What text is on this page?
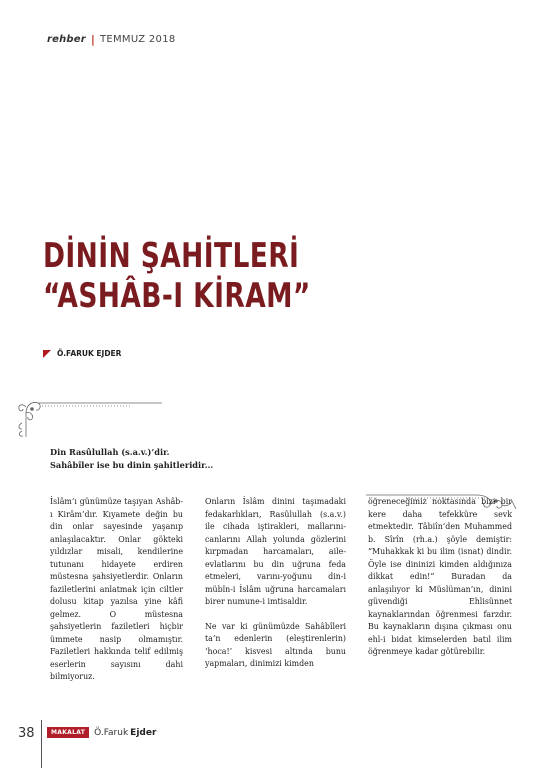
rehber | TEMMUZ 2018
DİNİN ŞAHİTLERİ
“ASHÂB-I KİRAM”
Ö.FARUK EJDER
Din Rasûlullah (s.a.v.)’dir.
Sahâbîler ise bu dinin şahitleridir...

İslâm’ı günümüze taşıyan Ashâb-ı Kirâm’dır. Kıyamete değin bu din onlar sayesinde yaşanıp anlaşılacaktır. Onlar gökteki yıldızlar misali, kendilerine tutunanı hidayete erdiren müstesna şahsiyetlerdir. Onların faziletlerini anlatmak için ciltler dolusu kitap yazılsa yine kâfi gelmez. O müstesna şahsiyetlerin faziletleri hiçbir ümmete nasip olmamıştır. Faziletleri hakkında telif edilmiş eserlerin sayısını dahi bilmiyoruz.

Onların İslâm dinini taşımadaki fedakarlıkları, Rasûlullah (s.a.v.) ile cihada iştirakleri, mallarını-canlarını Allah yolunda gözlerini kırpmadan harcamaları, aile-evlatlarını bu din uğruna feda etmeleri, varını-yoğunu din-i mübîn-i İslâm uğruna harcamaları birer numune-i imtisaldir.

Ne var ki günümüzde Sahâbîleri ta’n edenlerin (eleştirenlerin) ‘hoca!’ kisvesi altında bunu yapmaları, dinimizi kimden

öğreneceğimiz noktasında bizi bir kere daha tefekküre sevk etmektedir. Tâbiîn’den Muhammed b. Sîrîn (rh.a.) şöyle demiştir: “Muhakkak ki bu ilim (isnat) dindir. Öyle ise dininizi kimden aldığınıza dikkat edin!” Buradan da anlaşılıyor ki Müslüman’ın, dinini güvendiği Ehlisünnet kaynaklarından öğrenmesi farzdır. Bu kaynakların dışına çıkması onu ehl-i bidat kimselerden batıl ilim öğrenmeye kadar götürebilir.

38	MAKALAT	Ö.Faruk Ejder
